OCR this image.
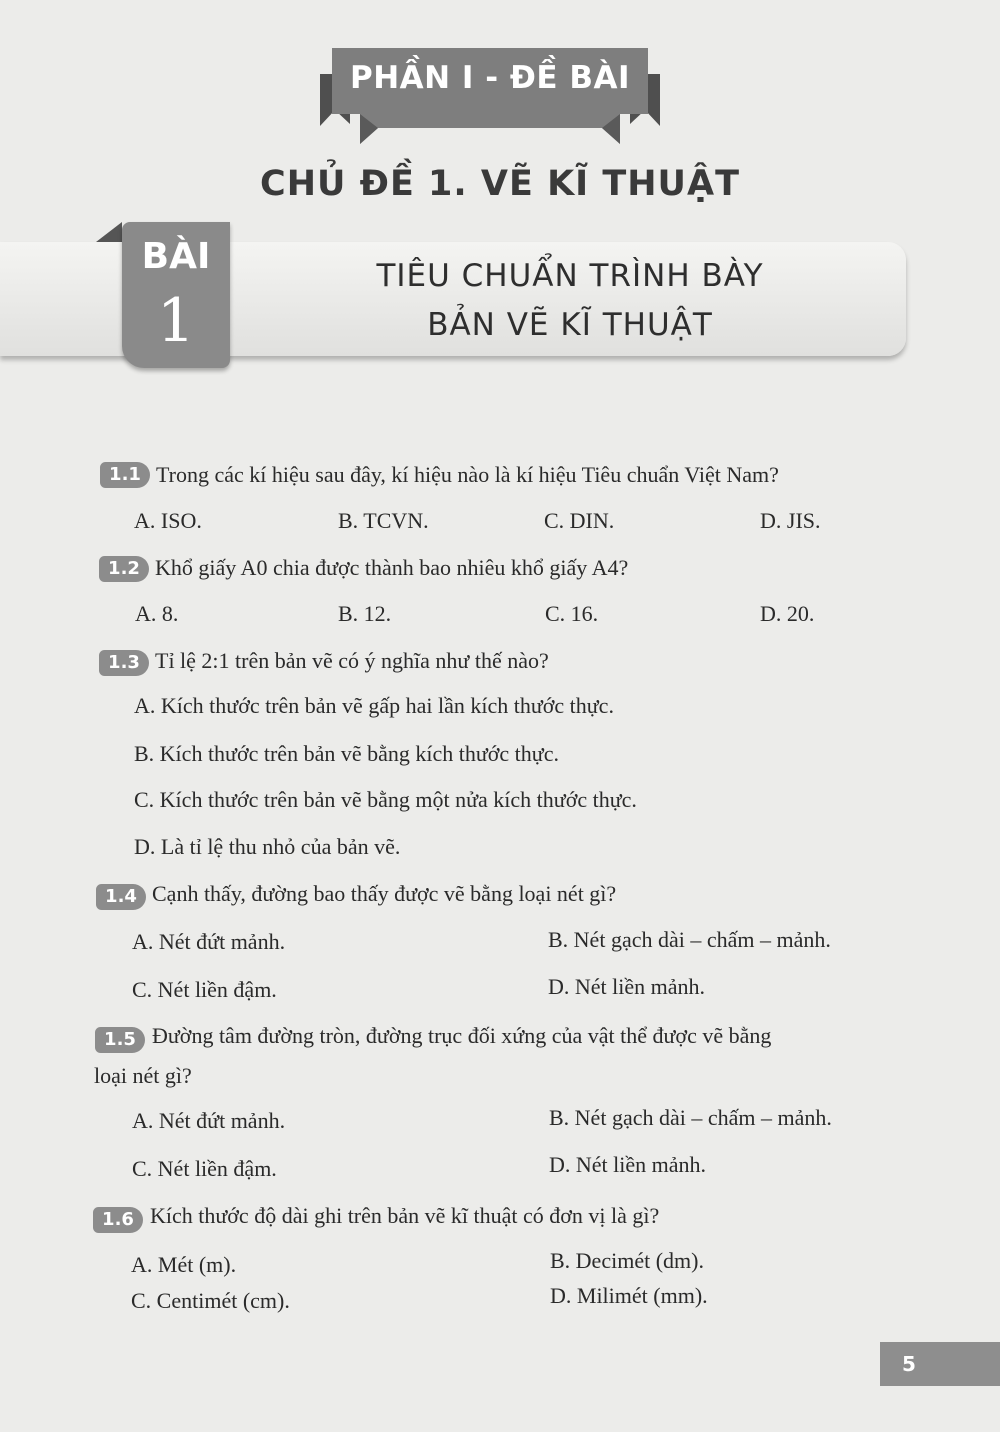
PHẦN I - ĐỀ BÀI
CHỦ ĐỀ 1. VẼ KĨ THUẬT
BÀI
1
TIÊU CHUẨN TRÌNH BÀY
BẢN VẼ KĨ THUẬT
1.1 Trong các kí hiệu sau đây, kí hiệu nào là kí hiệu Tiêu chuẩn Việt Nam?
A. ISO.	B. TCVN.	C. DIN.	D. JIS.
1.2 Khổ giấy A0 chia được thành bao nhiêu khổ giấy A4?
A. 8.	B. 12.	C. 16.	D. 20.
1.3 Tỉ lệ 2:1 trên bản vẽ có ý nghĩa như thế nào?
A. Kích thước trên bản vẽ gấp hai lần kích thước thực.
B. Kích thước trên bản vẽ bằng kích thước thực.
C. Kích thước trên bản vẽ bằng một nửa kích thước thực.
D. Là tỉ lệ thu nhỏ của bản vẽ.
1.4 Cạnh thấy, đường bao thấy được vẽ bằng loại nét gì?
A. Nét đứt mảnh.	B. Nét gạch dài – chấm – mảnh.
C. Nét liền đậm.	D. Nét liền mảnh.
1.5 Đường tâm đường tròn, đường trục đối xứng của vật thể được vẽ bằng
loại nét gì?
A. Nét đứt mảnh.	B. Nét gạch dài – chấm – mảnh.
C. Nét liền đậm.	D. Nét liền mảnh.
1.6 Kích thước độ dài ghi trên bản vẽ kĩ thuật có đơn vị là gì?
A. Mét (m).	B. Decimét (dm).
C. Centimét (cm).	D. Milimét (mm).
5
